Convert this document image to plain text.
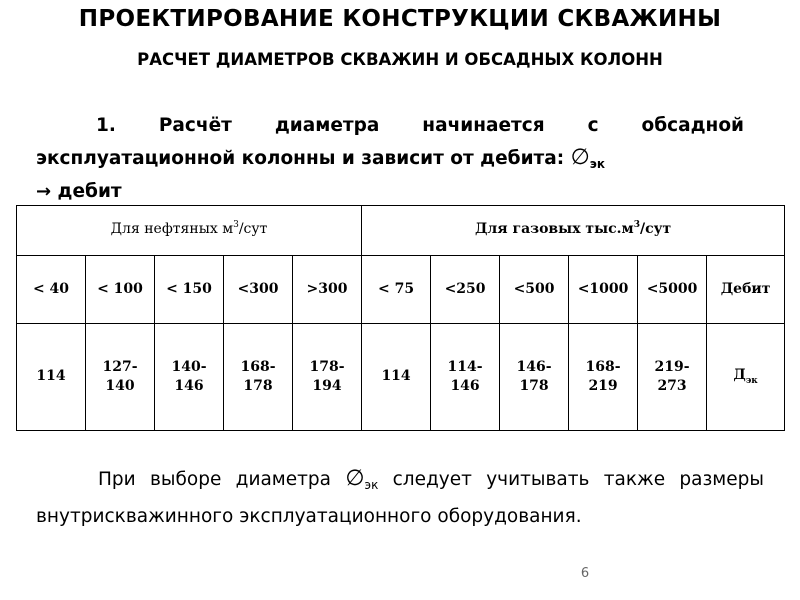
ПРОЕКТИРОВАНИЕ КОНСТРУКЦИИ СКВАЖИНЫ
РАСЧЕТ ДИАМЕТРОВ СКВАЖИН И ОБСАДНЫХ КОЛОНН
1. Расчёт диаметра начинается с обсадной эксплуатационной колонны и зависит от дебита: $\emptyset_{эк}$
→ дебит
Для нефтяных $м^3$/сут					Для газовых $тыс.м^3$/сут					
< 40	< 100	< 150	<300	>300	< 75	<250	<500	<1000	<5000	Дебит
114	127-140	140-146	168-178	178-194	114	114-146	146-178	168-219	219-273	$Д_{эк}$
При выборе диаметра $\emptyset_{эк}$ следует учитывать также размеры внутрискважинного эксплуатационного оборудования.
6
